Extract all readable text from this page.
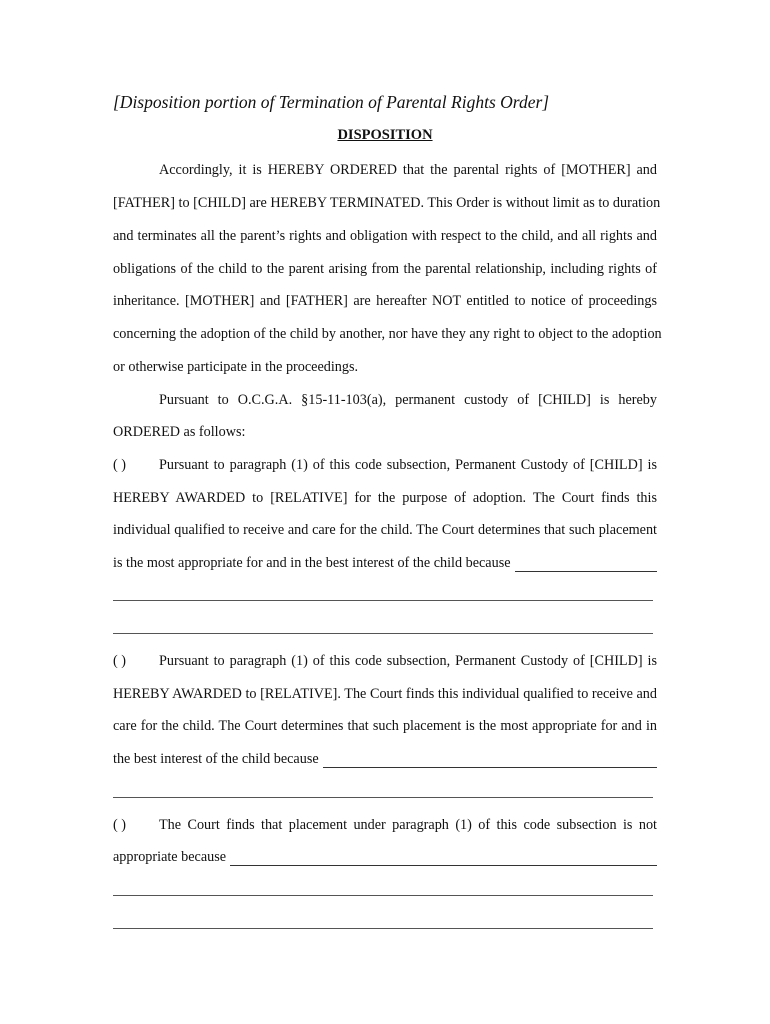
[Disposition portion of Termination of Parental Rights Order]
DISPOSITION
Accordingly, it is HEREBY ORDERED that the parental rights of [MOTHER] and
[FATHER] to [CHILD] are HEREBY TERMINATED. This Order is without limit as to duration
and terminates all the parent’s rights and obligation with respect to the child, and all rights and
obligations of the child to the parent arising from the parental relationship, including rights of
inheritance. [MOTHER] and [FATHER] are hereafter NOT entitled to notice of proceedings
concerning the adoption of the child by another, nor have they any right to object to the adoption
or otherwise participate in the proceedings.
Pursuant to O.C.G.A. §15-11-103(a), permanent custody of [CHILD] is hereby
ORDERED as follows:
( )	Pursuant to paragraph (1) of this code subsection, Permanent Custody of [CHILD] is
HEREBY AWARDED to [RELATIVE] for the purpose of adoption. The Court finds this
individual qualified to receive and care for the child. The Court determines that such placement
is the most appropriate for and in the best interest of the child because
( )	Pursuant to paragraph (1) of this code subsection, Permanent Custody of [CHILD] is
HEREBY AWARDED to [RELATIVE]. The Court finds this individual qualified to receive and
care for the child. The Court determines that such placement is the most appropriate for and in
the best interest of the child because
( )	The Court finds that placement under paragraph (1) of this code subsection is not
appropriate because
